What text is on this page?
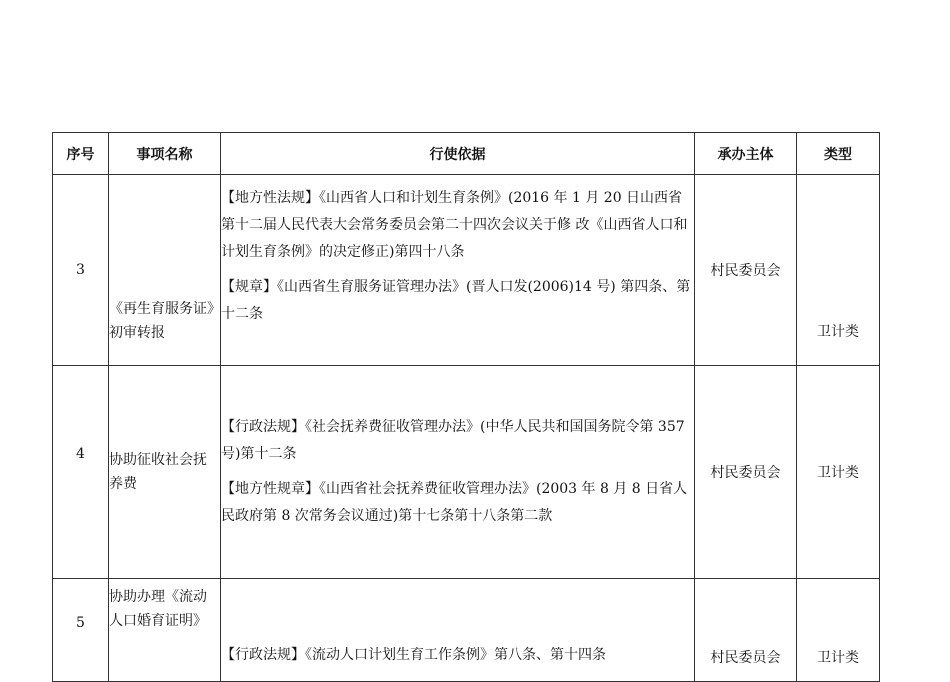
序号	事项名称	行使依据	承办主体	类型
3	《再生育服务证》初审转报	【地方性法规】《山西省人口和计划生育条例》(2016 年 1 月 20 日山西省第十二届人民代表大会常务委员会第二十四次会议关于修 改《山西省人口和计划生育条例》的决定修正)第四十八条

【规章】《山西省生育服务证管理办法》(晋人口发(2006)14 号) 第四条、第十二条	村民委员会	卫计类
4	协助征收社会抚养费	【行政法规】《社会抚养费征收管理办法》(中华人民共和国国务院令第 357 号)第十二条

【地方性规章】《山西省社会抚养费征收管理办法》(2003 年 8 月 8 日省人民政府第 8 次常务会议通过)第十七条第十八条第二款	村民委员会	卫计类
5	协助办理《流动人口婚育证明》	【行政法规】《流动人口计划生育工作条例》第八条、第十四条	村民委员会	卫计类
